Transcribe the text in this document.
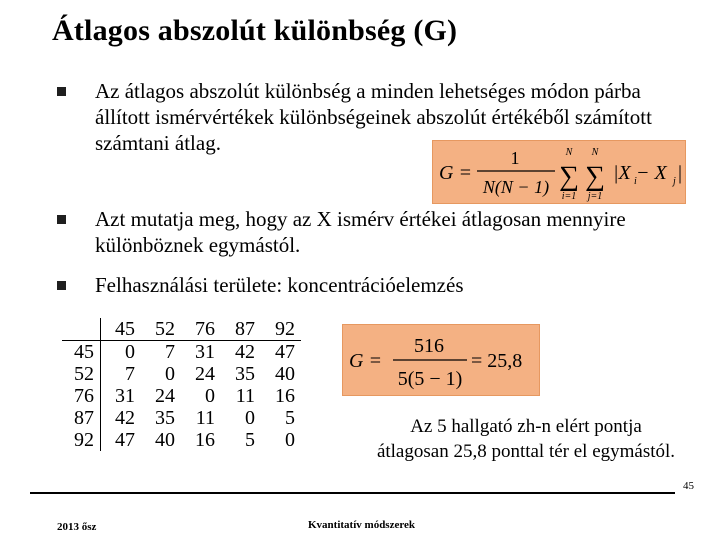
Átlagos abszolút különbség (G)
Az átlagos abszolút különbség a minden lehetséges módon párba állított ismérvértékek különbségeinek abszolút értékéből számított számtani átlag.
Azt mutatja meg, hogy az X ismérv értékei átlagosan mennyire különböznek egymástól.
Felhasználási területe: koncentrációelemzés
G =
1
N(N − 1)
N
∑
i=1
N
∑
j=1
|X i − X j |
	45	52	76	87	92
45	0	7	31	42	47
52	7	0	24	35	40
76	31	24	0	11	16
87	42	35	11	0	5
92	47	40	16	5	0
G =
516
5(5 − 1)
= 25,8
Az 5 hallgató zh-n elért pontja
átlagosan 25,8 ponttal tér el egymástól.
45
2013 ősz	Kvantitatív módszerek
